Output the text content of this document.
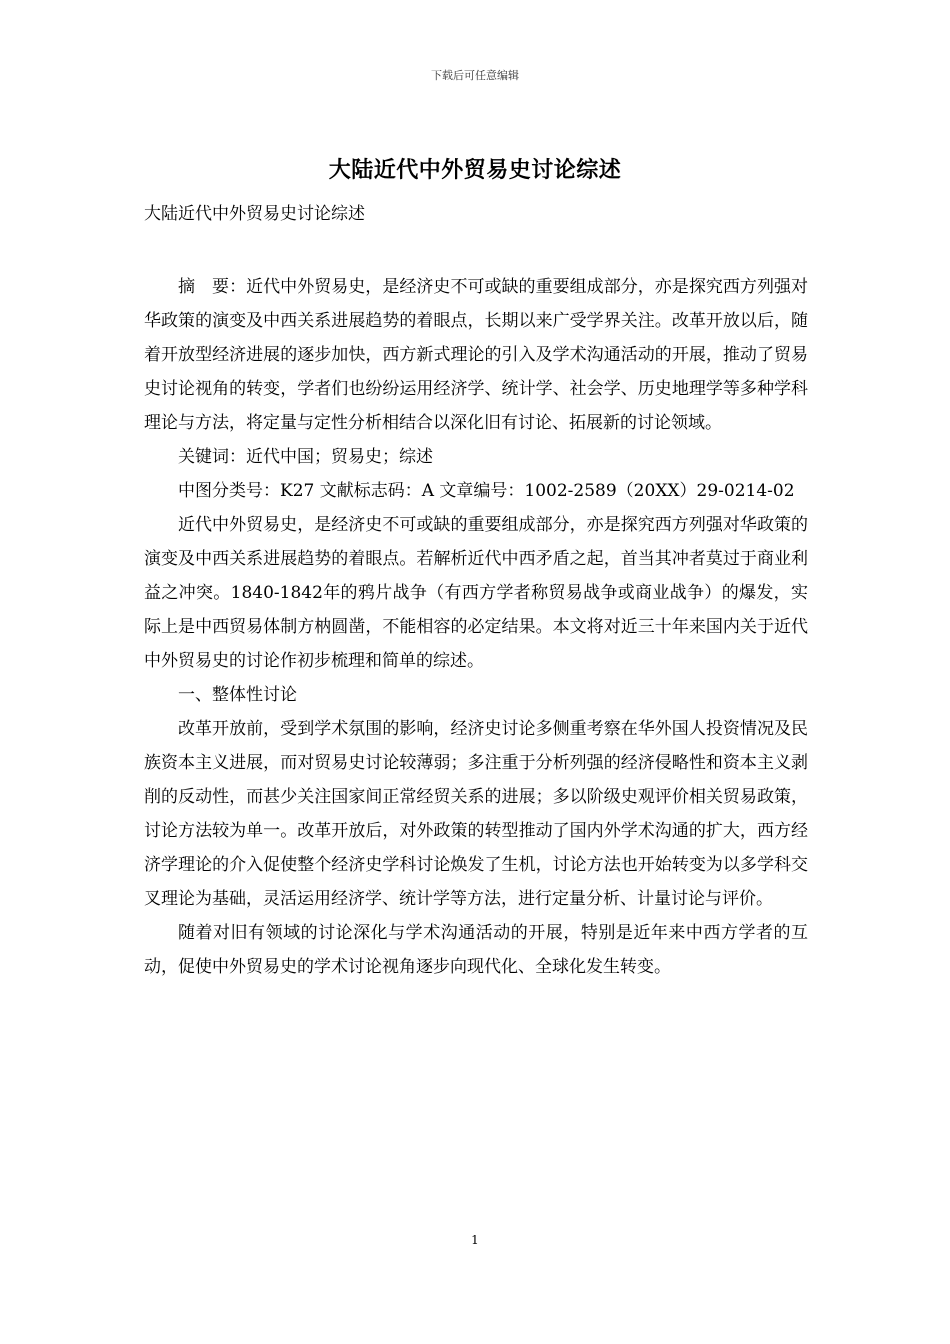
下载后可任意编辑
大陆近代中外贸易史讨论综述
大陆近代中外贸易史讨论综述

摘　要：近代中外贸易史，是经济史不可或缺的重要组成部分，亦是探究西方列强对华政策的演变及中西关系进展趋势的着眼点，长期以来广受学界关注。改革开放以后，随着开放型经济进展的逐步加快，西方新式理论的引入及学术沟通活动的开展，推动了贸易史讨论视角的转变，学者们也纷纷运用经济学、统计学、社会学、历史地理学等多种学科理论与方法，将定量与定性分析相结合以深化旧有讨论、拓展新的讨论领域。

关键词：近代中国；贸易史；综述

中图分类号：K27 文献标志码：A 文章编号：1002-2589（20XX）29-0214-02

近代中外贸易史，是经济史不可或缺的重要组成部分，亦是探究西方列强对华政策的演变及中西关系进展趋势的着眼点。若解析近代中西矛盾之起，首当其冲者莫过于商业利益之冲突。1840-1842年的鸦片战争（有西方学者称贸易战争或商业战争）的爆发，实际上是中西贸易体制方枘圆凿，不能相容的必定结果。本文将对近三十年来国内关于近代中外贸易史的讨论作初步梳理和简单的综述。

一、整体性讨论

改革开放前，受到学术氛围的影响，经济史讨论多侧重考察在华外国人投资情况及民族资本主义进展，而对贸易史讨论较薄弱；多注重于分析列强的经济侵略性和资本主义剥削的反动性，而甚少关注国家间正常经贸关系的进展；多以阶级史观评价相关贸易政策，讨论方法较为单一。改革开放后，对外政策的转型推动了国内外学术沟通的扩大，西方经济学理论的介入促使整个经济史学科讨论焕发了生机，讨论方法也开始转变为以多学科交叉理论为基础，灵活运用经济学、统计学等方法，进行定量分析、计量讨论与评价。

随着对旧有领域的讨论深化与学术沟通活动的开展，特别是近年来中西方学者的互动，促使中外贸易史的学术讨论视角逐步向现代化、全球化发生转变。

1
